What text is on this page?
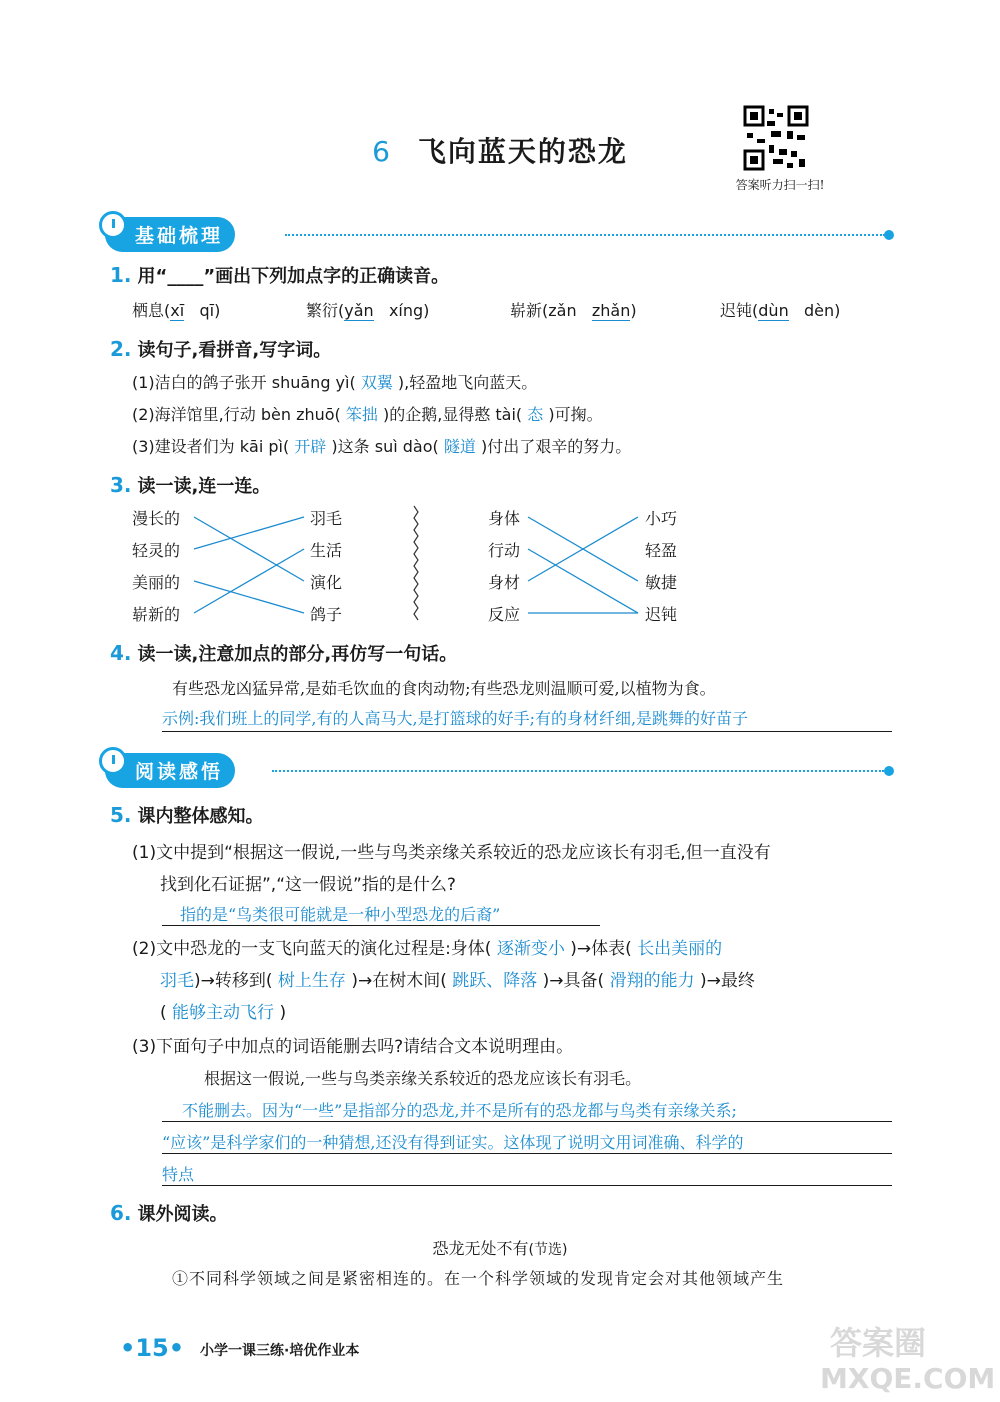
6 飞向蓝天的恐龙
答案听力扫一扫!
基础梳理
1. 用“____”画出下列加点字的正确读音。
栖息(xī qī)	繁衍(yǎn xíng)	崭新(zǎn zhǎn)	迟钝(dùn dèn)
2. 读句子,看拼音,写字词。
(1)洁白的鸽子张开 shuāng yì( 双翼 ),轻盈地飞向蓝天。
(2)海洋馆里,行动 bèn zhuō( 笨拙 )的企鹅,显得憨 tài( 态 )可掬。
(3)建设者们为 kāi pì( 开辟 )这条 suì dào( 隧道 )付出了艰辛的努力。
3. 读一读,连一连。
漫长的
轻灵的
美丽的
崭新的
羽毛
生活
演化
鸽子
身体
行动
身材
反应
小巧
轻盈
敏捷
迟钝
4. 读一读,注意加点的部分,再仿写一句话。
有些恐龙凶猛异常,是茹毛饮血的食肉动物;有些恐龙则温顺可爱,以植物为食。
示例:我们班上的同学,有的人高马大,是打篮球的好手;有的身材纤细,是跳舞的好苗子
阅读感悟
5. 课内整体感知。
(1)文中提到“根据这一假说,一些与鸟类亲缘关系较近的恐龙应该长有羽毛,但一直没有
找到化石证据”,“这一假说”指的是什么?
指的是“鸟类很可能就是一种小型恐龙的后裔”
(2)文中恐龙的一支飞向蓝天的演化过程是:身体( 逐渐变小 )→体表( 长出美丽的
羽毛)→转移到( 树上生存 )→在树木间( 跳跃、降落 )→具备( 滑翔的能力 )→最终
( 能够主动飞行 )
(3)下面句子中加点的词语能删去吗?请结合文本说明理由。
根据这一假说,一些与鸟类亲缘关系较近的恐龙应该长有羽毛。
不能删去。因为“一些”是指部分的恐龙,并不是所有的恐龙都与鸟类有亲缘关系;
“应该”是科学家们的一种猜想,还没有得到证实。这体现了说明文用词准确、科学的
特点
6. 课外阅读。
恐龙无处不有(节选)
①不同科学领域之间是紧密相连的。在一个科学领域的发现肯定会对其他领域产生
•15• 小学一课三练·培优作业本	答案圈
MXQE.COM
